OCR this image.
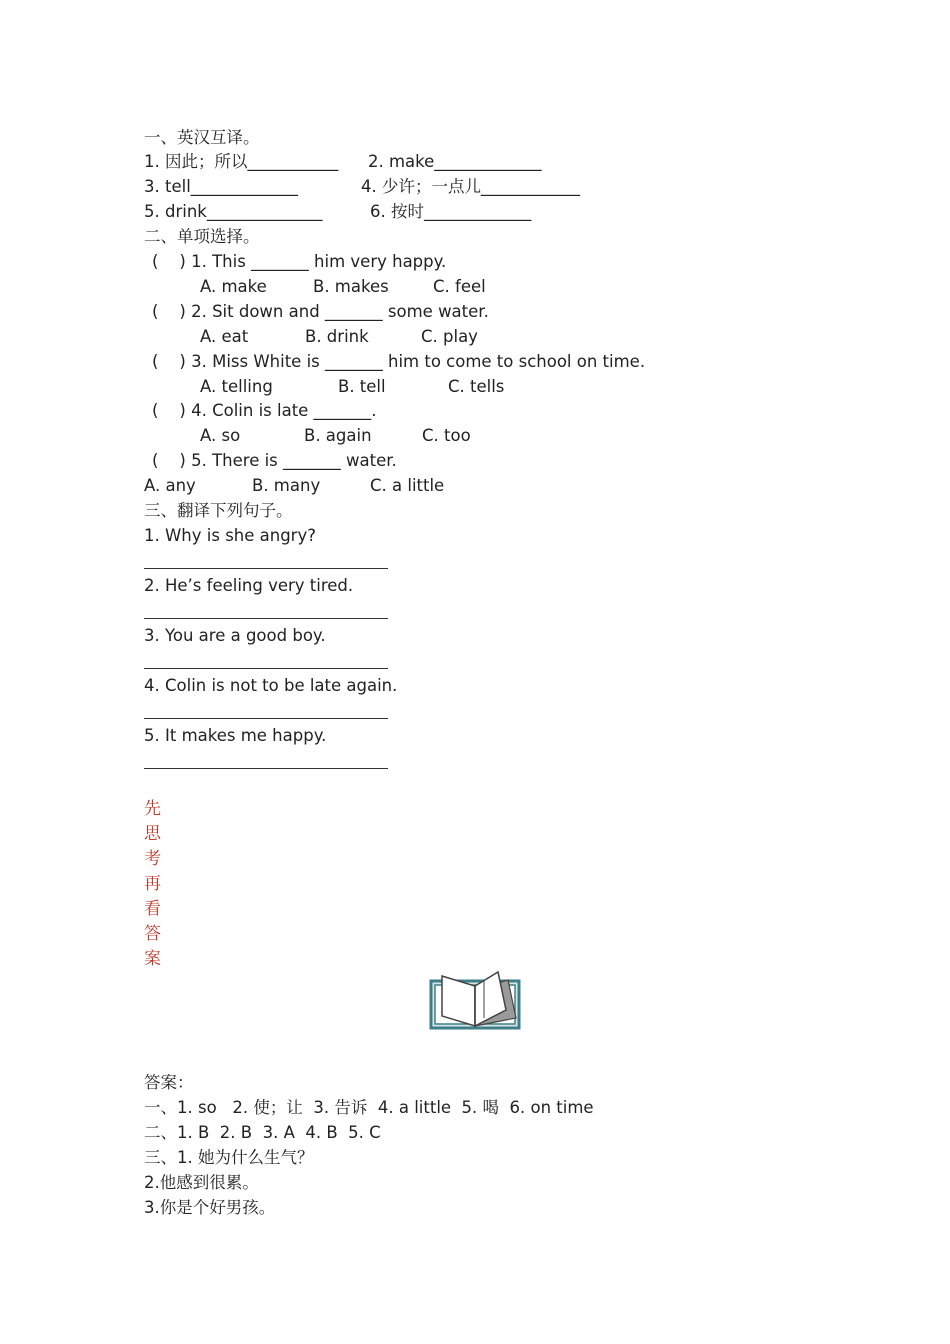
一、英汉互译。
1. 因此；所以___________ 2. make_____________
3. tell_____________	4. 少许；一点儿____________
5. drink______________	6. 按时_____________
二、单项选择。
(    ) 1. This _______ him very happy.
A. make	B. makes	C. feel
(    ) 2. Sit down and _______ some water.
A. eat	B. drink	C. play
(    ) 3. Miss White is _______ him to come to school on time.
A. telling	B. tell	C. tells
(    ) 4. Colin is late _______.
A. so	B. again	C. too
(    ) 5. There is _______ water.
A. any	B. many	C. a little
三、翻译下列句子。
1. Why is she angry?
2. He’s feeling very tired.
3. You are a good boy.
4. Colin is not to be late again.
5. It makes me happy.
先
思
考
再
看
答
案
答案：
一、1. so   2. 使；让  3. 告诉  4. a little  5. 喝  6. on time
二、1. B  2. B  3. A  4. B  5. C
三、1. 她为什么生气？
2.他感到很累。
3.你是个好男孩。
